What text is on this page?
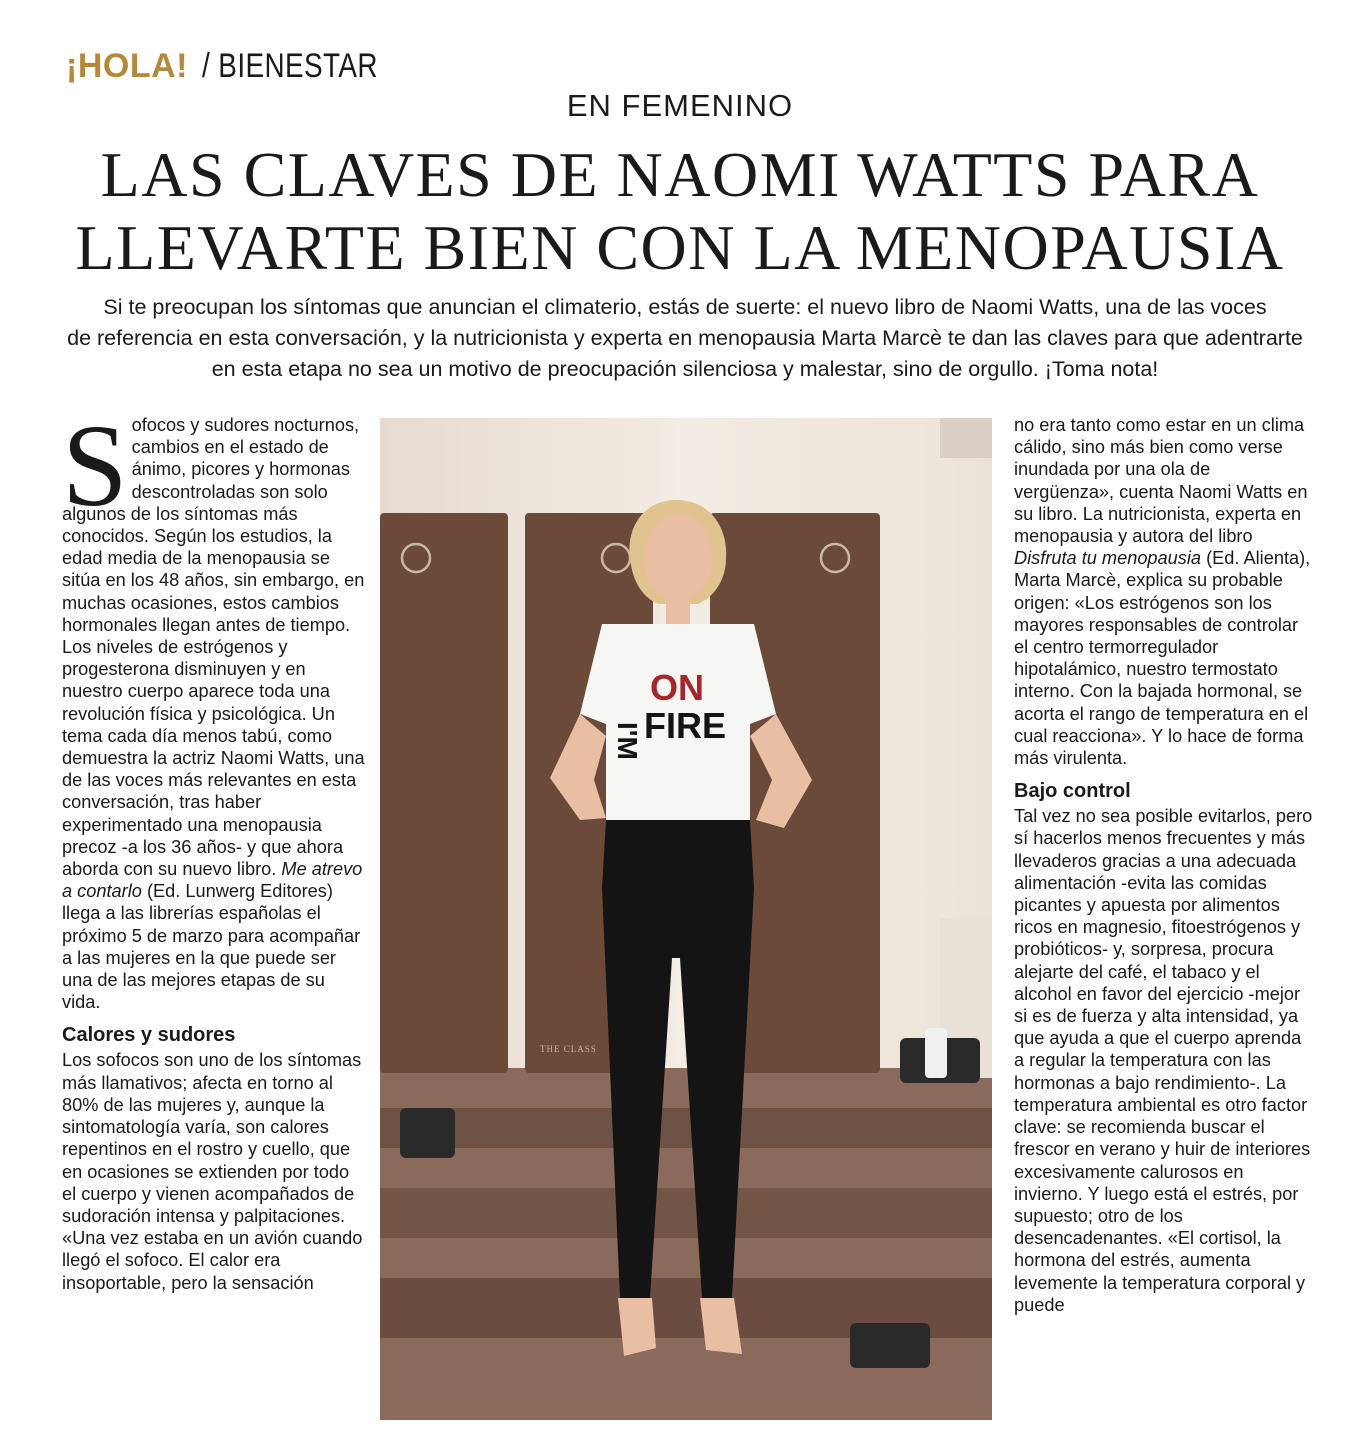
¡HOLA! / BIENESTAR
EN FEMENINO
LAS CLAVES DE NAOMI WATTS PARA
LLEVARTE BIEN CON LA MENOPAUSIA
Si te preocupan los síntomas que anuncian el climaterio, estás de suerte: el nuevo libro de Naomi Watts, una de las voces
de referencia en esta conversación, y la nutricionista y experta en menopausia Marta Marcè te dan las claves para que adentrarte
en esta etapa no sea un motivo de preocupación silenciosa y malestar, sino de orgullo. ¡Toma nota!

Sofocos y sudores nocturnos, cambios en el estado de ánimo, picores y hormonas descontroladas son solo algunos de los síntomas más conocidos. Según los estudios, la edad media de la menopausia se sitúa en los 48 años, sin embargo, en muchas ocasiones, estos cambios hormonales llegan antes de tiempo. Los niveles de estrógenos y progesterona disminuyen y en nuestro cuerpo aparece toda una revolución física y psicológica. Un tema cada día menos tabú, como demuestra la actriz Naomi Watts, una de las voces más relevantes en esta conversación, tras haber experimentado una menopausia precoz -a los 36 años- y que ahora aborda con su nuevo libro. Me atrevo a contarlo (Ed. Lunwerg Editores) llega a las librerías españolas el próximo 5 de marzo para acompañar a las mujeres en la que puede ser una de las mejores etapas de su vida.

Calores y sudores

Los sofocos son uno de los síntomas más llamativos; afecta en torno al 80% de las mujeres y, aunque la sintomatología varía, son calores repentinos en el rostro y cuello, que en ocasiones se extienden por todo el cuerpo y vienen acompañados de sudoración intensa y palpitaciones. «Una vez estaba en un avión cuando llegó el sofoco. El calor era insoportable, pero la sensación

THE CLASS
I'M
ON
FIRE

no era tanto como estar en un clima cálido, sino más bien como verse inundada por una ola de vergüenza», cuenta Naomi Watts en su libro. La nutricionista, experta en menopausia y autora del libro Disfruta tu menopausia (Ed. Alienta), Marta Marcè, explica su probable origen: «Los estrógenos son los mayores responsables de controlar el centro termorregulador hipotalámico, nuestro termostato interno. Con la bajada hormonal, se acorta el rango de temperatura en el cual reacciona». Y lo hace de forma más virulenta.

Bajo control

Tal vez no sea posible evitarlos, pero sí hacerlos menos frecuentes y más llevaderos gracias a una adecuada alimentación -evita las comidas picantes y apuesta por alimentos ricos en magnesio, fitoestrógenos y probióticos- y, sorpresa, procura alejarte del café, el tabaco y el alcohol en favor del ejercicio -mejor si es de fuerza y alta intensidad, ya que ayuda a que el cuerpo aprenda a regular la temperatura con las hormonas a bajo rendimiento-. La temperatura ambiental es otro factor clave: se recomienda buscar el frescor en verano y huir de interiores excesivamente calurosos en invierno. Y luego está el estrés, por supuesto; otro de los desencadenantes. «El cortisol, la hormona del estrés, aumenta levemente la temperatura corporal y puede
